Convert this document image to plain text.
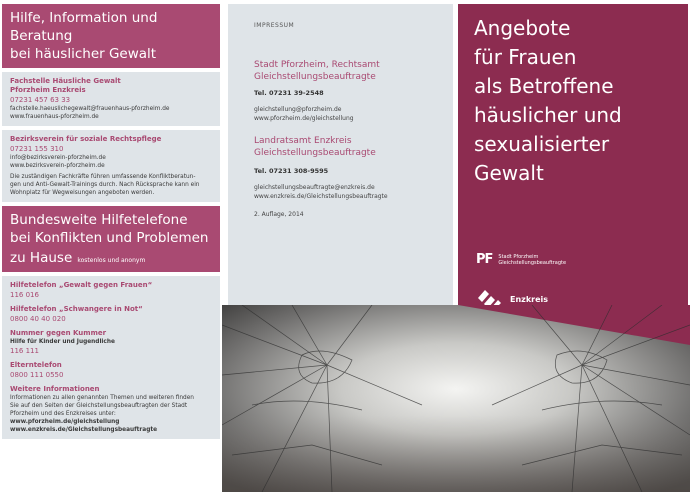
Hilfe, Information und Beratung
bei häuslicher Gewalt
Fachstelle Häusliche Gewalt
Pforzheim Enzkreis
07231 457 63 33
fachstelle.haeuslichegewalt@frauenhaus-pforzheim.de
www.frauenhaus-pforzheim.de
Bezirksverein für soziale Rechtspflege
07231 155 310
info@bezirksverein-pforzheim.de
www.bezirksverein-pforzheim.de
Die zuständigen Fachkräfte führen umfassende Konfliktberatun-
gen und Anti-Gewalt-Trainings durch. Nach Rücksprache kann ein
Wohnplatz für Wegweisungen angeboten werden.
Bundesweite Hilfetelefone
bei Konflikten und Problemen
zu Hause kostenlos und anonym
Hilfetelefon „Gewalt gegen Frauen“
116 016
Hilfetelefon „Schwangere in Not“
0800 40 40 020
Nummer gegen Kummer
Hilfe für Kinder und Jugendliche
116 111
Elterntelefon
0800 111 0550
Weitere Informationen
Informationen zu allen genannten Themen und weiteren finden
Sie auf den Seiten der Gleichstellungsbeauftragten der Stadt
Pforzheim und des Enzkreises unter:
www.pforzheim.de/gleichstellung
www.enzkreis.de/Gleichstellungsbeauftragte
IMPRESSUM
Stadt Pforzheim, Rechtsamt
Gleichstellungsbeauftragte
Tel. 07231 39-2548
gleichstellung@pforzheim.de
www.pforzheim.de/gleichstellung
Landratsamt Enzkreis
Gleichstellungsbeauftragte
Tel. 07231 308-9595
gleichstellungsbeauftragte@enzkreis.de
www.enzkreis.de/Gleichstellungsbeauftragte
2. Auflage, 2014
Angebote
für Frauen
als Betroffene
häuslicher und
sexualisierter
Gewalt
PF Stadt Pforzheim
Gleichstellungsbeauftragte
Enzkreis
